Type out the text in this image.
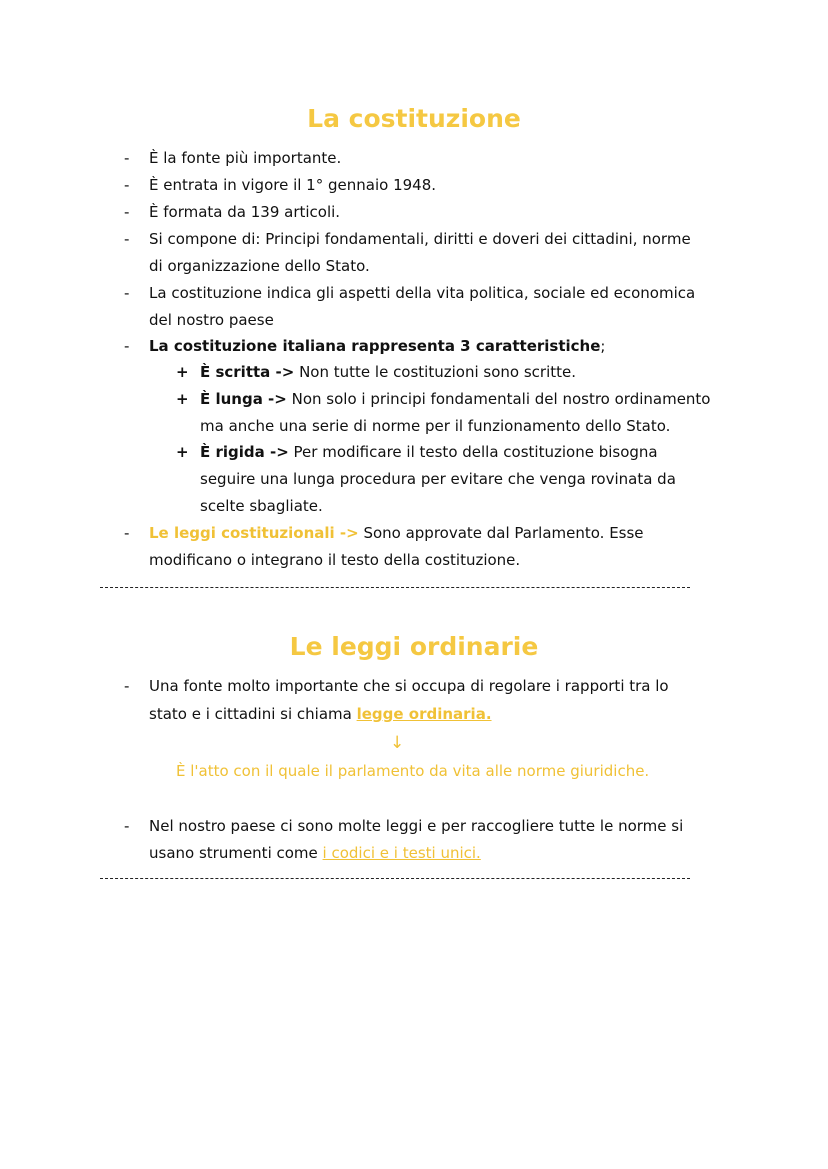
La costituzione
- È la fonte più importante.
- È entrata in vigore il 1° gennaio 1948.
- È formata da 139 articoli.
- Si compone di: Principi fondamentali, diritti e doveri dei cittadini, norme
di organizzazione dello Stato.
- La costituzione indica gli aspetti della vita politica, sociale ed economica
del nostro paese
- La costituzione italiana rappresenta 3 caratteristiche;
+ È scritta -> Non tutte le costituzioni sono scritte.
+ È lunga -> Non solo i principi fondamentali del nostro ordinamento
ma anche una serie di norme per il funzionamento dello Stato.
+ È rigida -> Per modificare il testo della costituzione bisogna
seguire una lunga procedura per evitare che venga rovinata da
scelte sbagliate.
- Le leggi costituzionali -> Sono approvate dal Parlamento. Esse
modificano o integrano il testo della costituzione.
Le leggi ordinarie
- Una fonte molto importante che si occupa di regolare i rapporti tra lo
stato e i cittadini si chiama legge ordinaria.
↓
È l'atto con il quale il parlamento da vita alle norme giuridiche.
- Nel nostro paese ci sono molte leggi e per raccogliere tutte le norme si
usano strumenti come i codici e i testi unici.
